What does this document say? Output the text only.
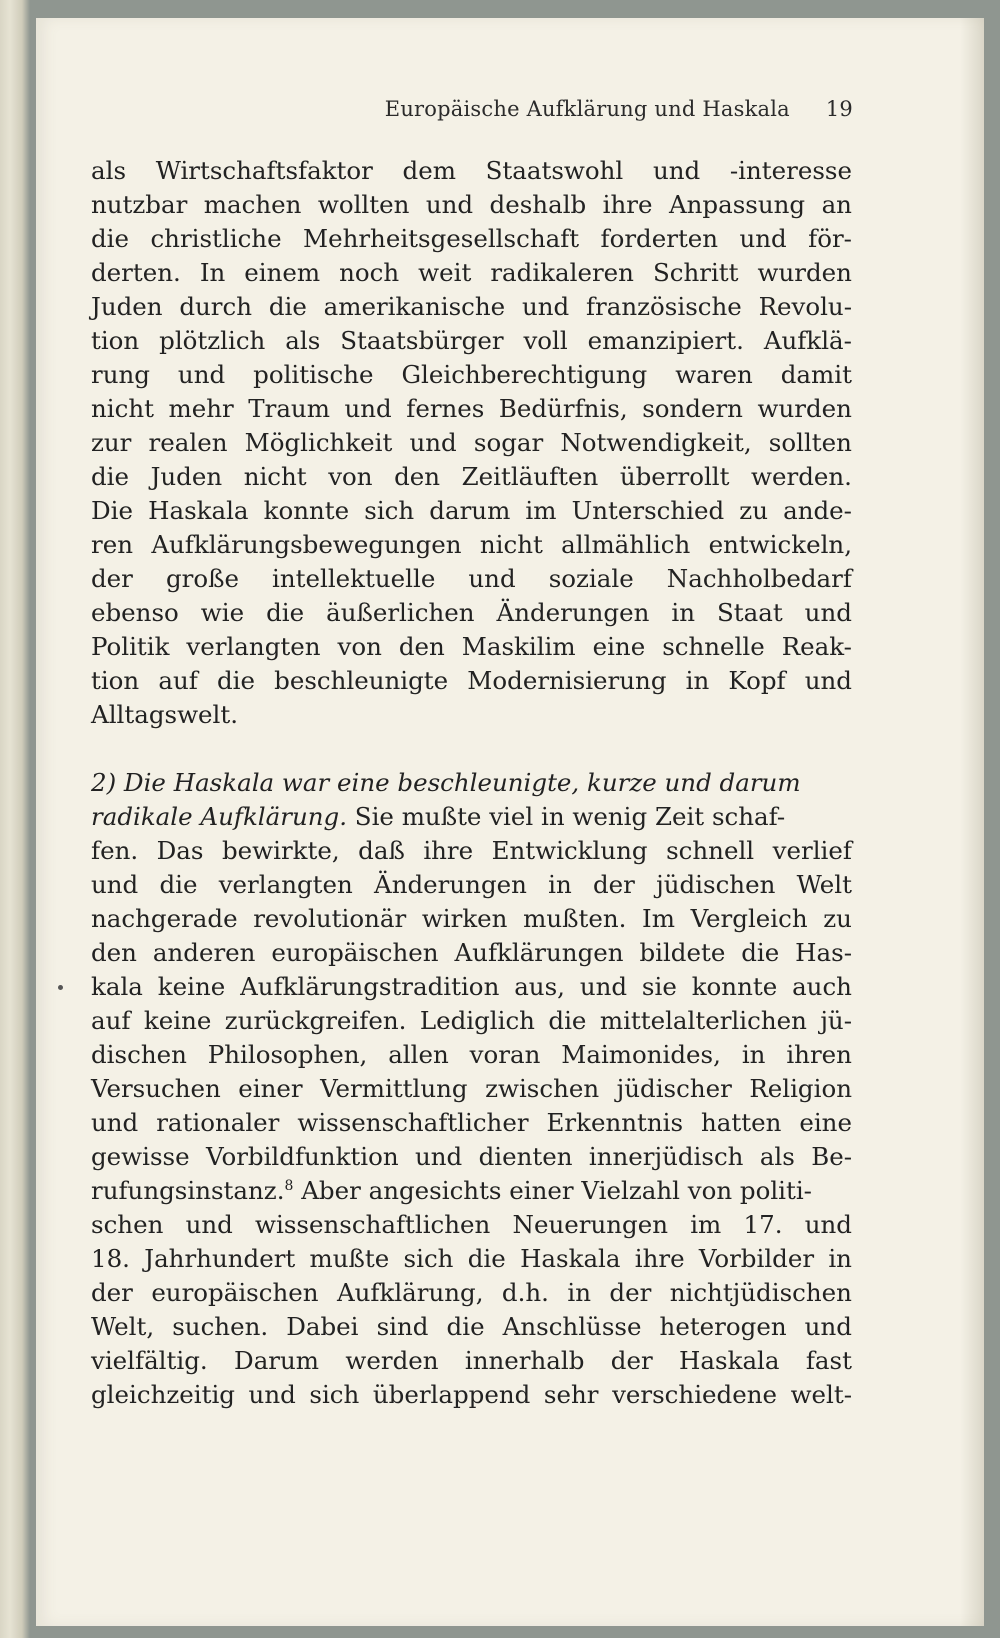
Europäische Aufklärung und Haskala 19
als Wirtschaftsfaktor dem Staatswohl und -interesse
nutzbar machen wollten und deshalb ihre Anpassung an
die christliche Mehrheitsgesellschaft forderten und för-
derten. In einem noch weit radikaleren Schritt wurden
Juden durch die amerikanische und französische Revolu-
tion plötzlich als Staatsbürger voll emanzipiert. Aufklä-
rung und politische Gleichberechtigung waren damit
nicht mehr Traum und fernes Bedürfnis, sondern wurden
zur realen Möglichkeit und sogar Notwendigkeit, sollten
die Juden nicht von den Zeitläuften überrollt werden.
Die Haskala konnte sich darum im Unterschied zu ande-
ren Aufklärungsbewegungen nicht allmählich entwickeln,
der große intellektuelle und soziale Nachholbedarf
ebenso wie die äußerlichen Änderungen in Staat und
Politik verlangten von den Maskilim eine schnelle Reak-
tion auf die beschleunigte Modernisierung in Kopf und
Alltagswelt.
2) Die Haskala war eine beschleunigte, kurze und darum
radikale Aufklärung. Sie mußte viel in wenig Zeit schaf-
fen. Das bewirkte, daß ihre Entwicklung schnell verlief
und die verlangten Änderungen in der jüdischen Welt
nachgerade revolutionär wirken mußten. Im Vergleich zu
den anderen europäischen Aufklärungen bildete die Has-
kala keine Aufklärungstradition aus, und sie konnte auch
auf keine zurückgreifen. Lediglich die mittelalterlichen jü-
dischen Philosophen, allen voran Maimonides, in ihren
Versuchen einer Vermittlung zwischen jüdischer Religion
und rationaler wissenschaftlicher Erkenntnis hatten eine
gewisse Vorbildfunktion und dienten innerjüdisch als Be-
rufungsinstanz.$^8$ Aber angesichts einer Vielzahl von politi-
schen und wissenschaftlichen Neuerungen im 17. und
18. Jahrhundert mußte sich die Haskala ihre Vorbilder in
der europäischen Aufklärung, d.h. in der nichtjüdischen
Welt, suchen. Dabei sind die Anschlüsse heterogen und
vielfältig. Darum werden innerhalb der Haskala fast
gleichzeitig und sich überlappend sehr verschiedene welt-
